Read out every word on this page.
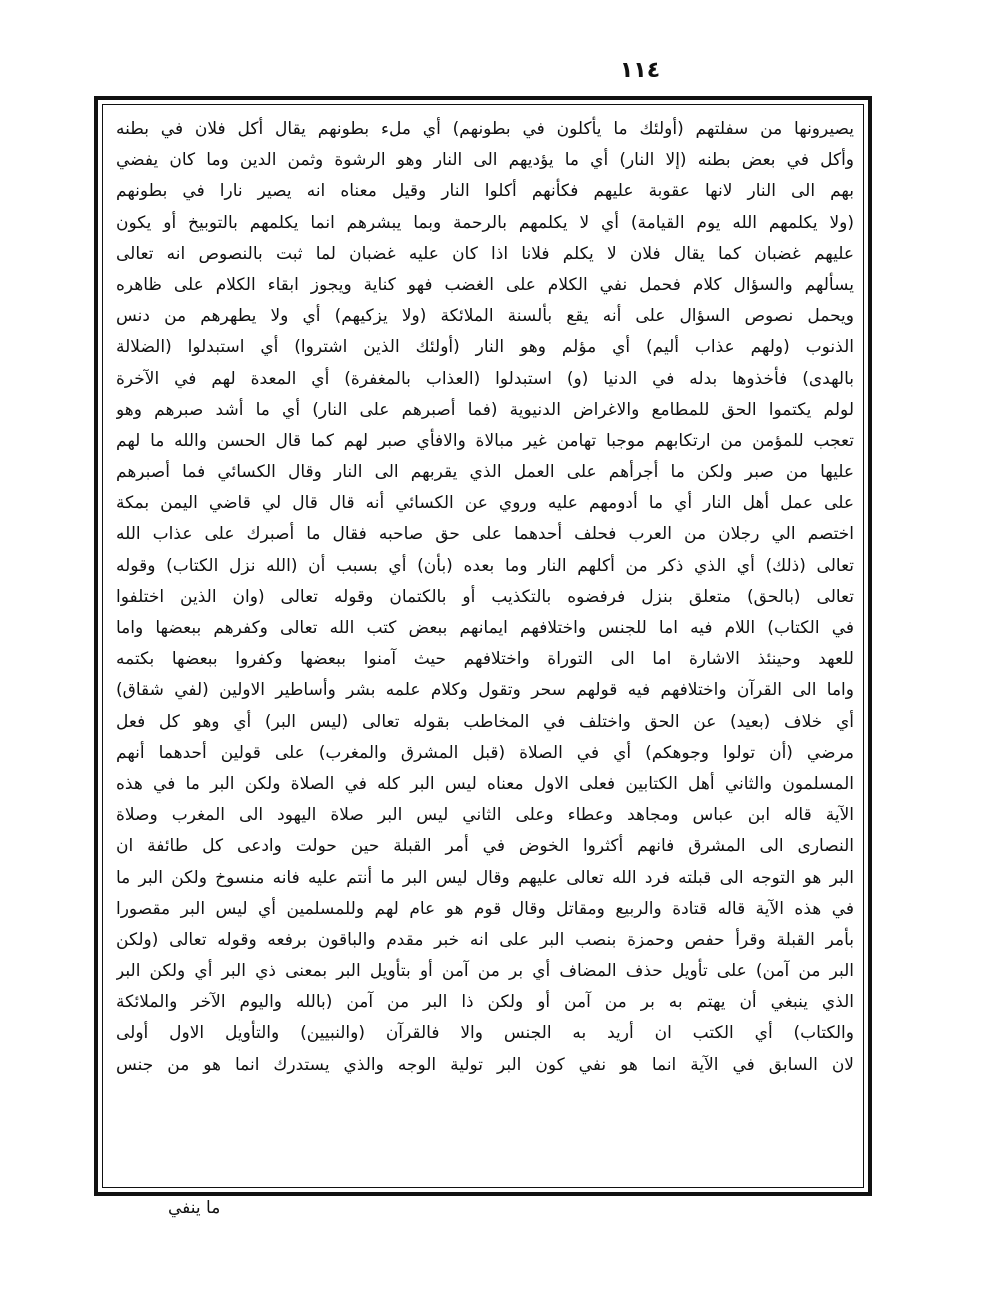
١١٤
يصيرونها من سفلتهم (أولئك ما يأكلون في بطونهم) أي ملء بطونهم يقال أكل فلان في بطنه
وأكل في بعض بطنه (إلا النار) أي ما يؤديهم الى النار وهو الرشوة وثمن الدين وما كان يفضي
بهم الى النار لانها عقوبة عليهم فكأنهم أكلوا النار وقيل معناه انه يصير نارا في بطونهم
(ولا يكلمهم الله يوم القيامة) أي لا يكلمهم بالرحمة وبما يبشرهم انما يكلمهم بالتوبيخ أو يكون
عليهم غضبان كما يقال فلان لا يكلم فلانا اذا كان عليه غضبان لما ثبت بالنصوص انه تعالى
يسألهم والسؤال كلام فحمل نفي الكلام على الغضب فهو كناية ويجوز ابقاء الكلام على ظاهره
ويحمل نصوص السؤال على أنه يقع بألسنة الملائكة (ولا يزكيهم) أي ولا يطهرهم من دنس
الذنوب (ولهم عذاب أليم) أي مؤلم وهو النار (أولئك الذين اشتروا) أي استبدلوا (الضلالة
بالهدى) فأخذوها بدله في الدنيا (و) استبدلوا (العذاب بالمغفرة) أي المعدة لهم في الآخرة
لولم يكتموا الحق للمطامع والاغراض الدنيوية (فما أصبرهم على النار) أي ما أشد صبرهم وهو
تعجب للمؤمن من ارتكابهم موجبا تهامن غير مبالاة والافأي صبر لهم كما قال الحسن والله ما لهم
عليها من صبر ولكن ما أجرأهم على العمل الذي يقربهم الى النار وقال الكسائي فما أصبرهم
على عمل أهل النار أي ما أدومهم عليه وروي عن الكسائي أنه قال قال لي قاضي اليمن بمكة
اختصم الي رجلان من العرب فحلف أحدهما على حق صاحبه فقال ما أصبرك على عذاب الله
تعالى (ذلك) أي الذي ذكر من أكلهم النار وما بعده (بأن) أي بسبب أن (الله نزل الكتاب) وقوله
تعالى (بالحق) متعلق بنزل فرفضوه بالتكذيب أو بالكتمان وقوله تعالى (وان الذين اختلفوا
في الكتاب) اللام فيه اما للجنس واختلافهم ايمانهم ببعض كتب الله تعالى وكفرهم ببعضها واما
للعهد وحينئذ الاشارة اما الى التوراة واختلافهم حيث آمنوا ببعضها وكفروا ببعضها بكتمه
واما الى القرآن واختلافهم فيه قولهم سحر وتقول وكلام علمه بشر وأساطير الاولين (لفي شقاق)
أي خلاف (بعيد) عن الحق واختلف في المخاطب بقوله تعالى (ليس البر) أي وهو كل فعل
مرضي (أن تولوا وجوهكم) أي في الصلاة (قبل المشرق والمغرب) على قولين أحدهما أنهم
المسلمون والثاني أهل الكتابين فعلى الاول معناه ليس البر كله في الصلاة ولكن البر ما في هذه
الآية قاله ابن عباس ومجاهد وعطاء وعلى الثاني ليس البر صلاة اليهود الى المغرب وصلاة
النصارى الى المشرق فانهم أكثروا الخوض في أمر القبلة حين حولت وادعى كل طائفة ان
البر هو التوجه الى قبلته فرد الله تعالى عليهم وقال ليس البر ما أنتم عليه فانه منسوخ ولكن البر ما
في هذه الآية قاله قتادة والربيع ومقاتل وقال قوم هو عام لهم وللمسلمين أي ليس البر مقصورا
بأمر القبلة وقرأ حفص وحمزة بنصب البر على انه خبر مقدم والباقون برفعه وقوله تعالى (ولكن
البر من آمن) على تأويل حذف المضاف أي بر من آمن أو بتأويل البر بمعنى ذي البر أي ولكن البر
الذي ينبغي أن يهتم به بر من آمن أو ولكن ذا البر من آمن (بالله واليوم الآخر والملائكة
والكتاب) أي الكتب ان أريد به الجنس والا فالقرآن (والنبيين) والتأويل الاول أولى
لان السابق في الآية انما هو نفي كون البر تولية الوجه والذي يستدرك انما هو من جنس
ما ينفي
